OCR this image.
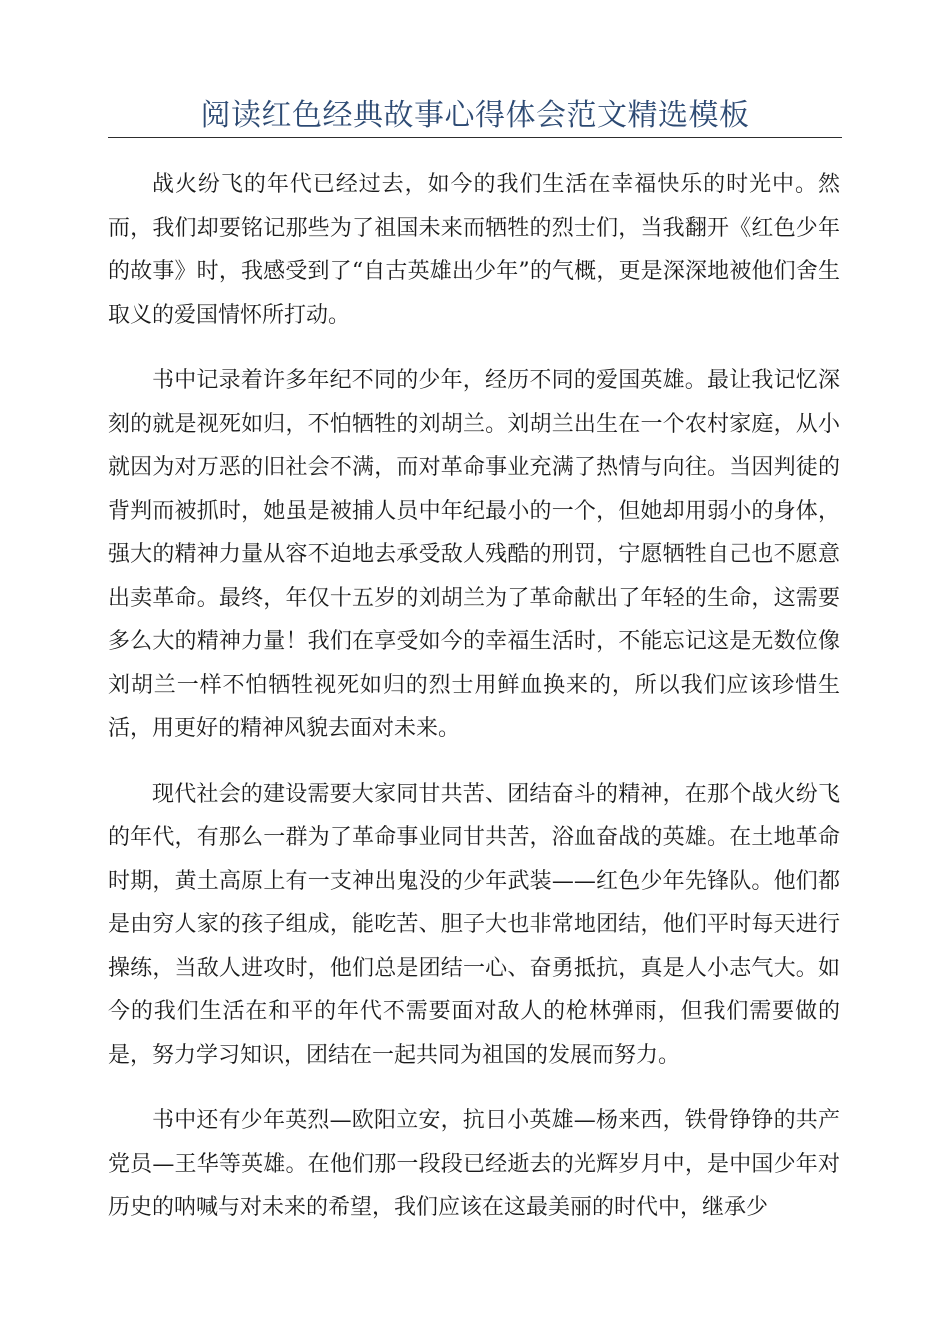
阅读红色经典故事心得体会范文精选模板

战火纷飞的年代已经过去，如今的我们生活在幸福快乐的时光中。然而，我们却要铭记那些为了祖国未来而牺牲的烈士们，当我翻开《红色少年的故事》时，我感受到了“自古英雄出少年”的气概，更是深深地被他们舍生取义的爱国情怀所打动。

书中记录着许多年纪不同的少年，经历不同的爱国英雄。最让我记忆深刻的就是视死如归，不怕牺牲的刘胡兰。刘胡兰出生在一个农村家庭，从小就因为对万恶的旧社会不满，而对革命事业充满了热情与向往。当因判徒的背判而被抓时，她虽是被捕人员中年纪最小的一个，但她却用弱小的身体，强大的精神力量从容不迫地去承受敌人残酷的刑罚，宁愿牺牲自己也不愿意出卖革命。最终，年仅十五岁的刘胡兰为了革命献出了年轻的生命，这需要多么大的精神力量！我们在享受如今的幸福生活时，不能忘记这是无数位像刘胡兰一样不怕牺牲视死如归的烈士用鲜血换来的，所以我们应该珍惜生活，用更好的精神风貌去面对未来。

现代社会的建设需要大家同甘共苦、团结奋斗的精神，在那个战火纷飞的年代，有那么一群为了革命事业同甘共苦，浴血奋战的英雄。在土地革命时期，黄土高原上有一支神出鬼没的少年武装——红色少年先锋队。他们都是由穷人家的孩子组成，能吃苦、胆子大也非常地团结，他们平时每天进行操练，当敌人进攻时，他们总是团结一心、奋勇抵抗，真是人小志气大。如今的我们生活在和平的年代不需要面对敌人的枪林弹雨，但我们需要做的是，努力学习知识，团结在一起共同为祖国的发展而努力。

书中还有少年英烈—欧阳立安，抗日小英雄—杨来西，铁骨铮铮的共产党员—王华等英雄。在他们那一段段已经逝去的光辉岁月中，是中国少年对历史的呐喊与对未来的希望，我们应该在这最美丽的时代中，继承少
